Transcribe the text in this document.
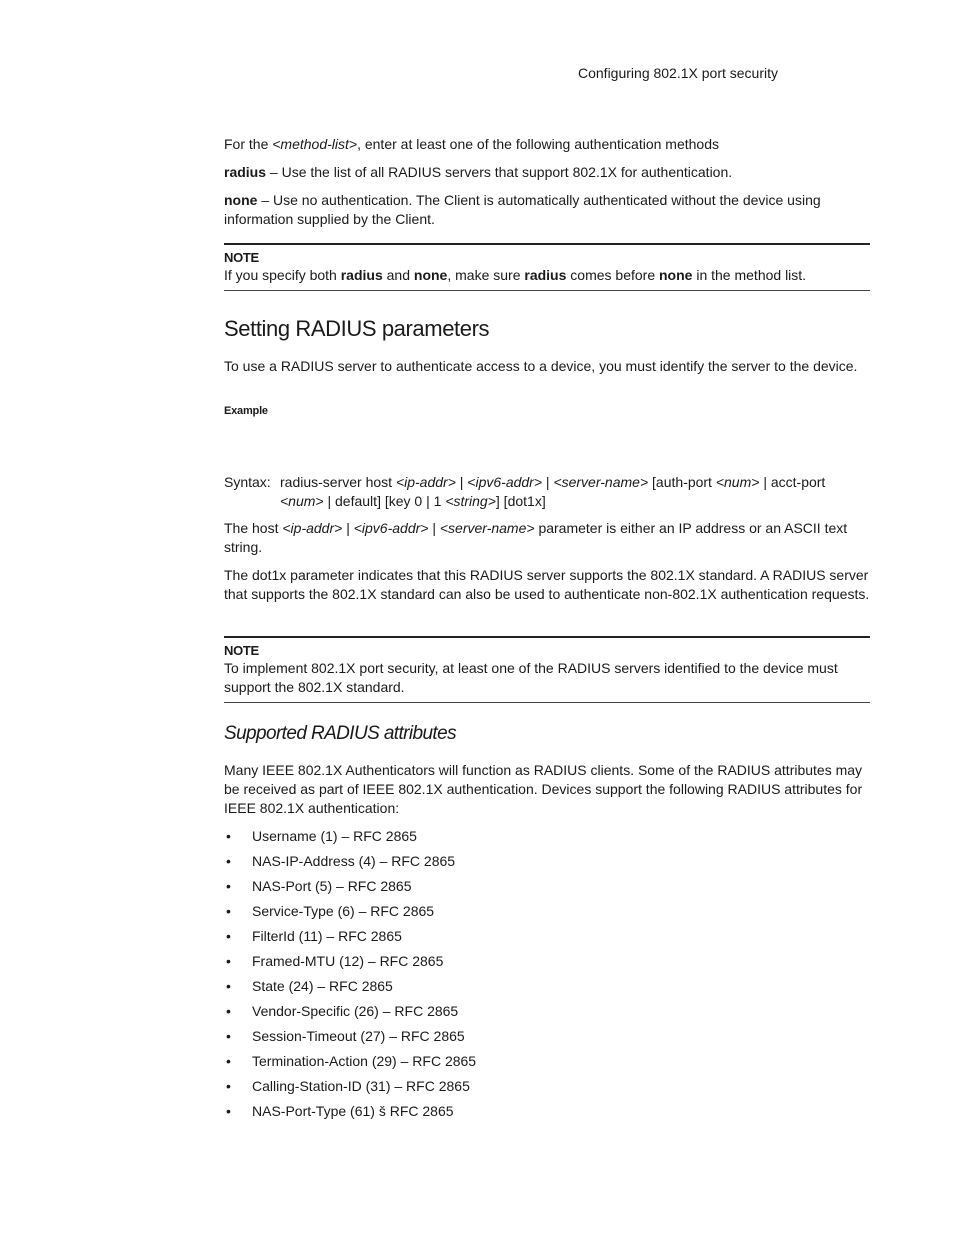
Configuring 802.1X port security

For the <method-list>, enter at least one of the following authentication methods

radius – Use the list of all RADIUS servers that support 802.1X for authentication.

none – Use no authentication. The Client is automatically authenticated without the device using information supplied by the Client.

NOTE
If you specify both radius and none, make sure radius comes before none in the method list.
Setting RADIUS parameters

To use a RADIUS server to authenticate access to a device, you must identify the server to the device.

Example
Syntax: radius-server host <ip-addr> | <ipv6-addr> | <server-name> [auth-port <num> | acct-port <num> | default] [key 0 | 1 <string>] [dot1x]

The host <ip-addr> | <ipv6-addr> | <server-name> parameter is either an IP address or an ASCII text string.

The dot1x parameter indicates that this RADIUS server supports the 802.1X standard. A RADIUS server that supports the 802.1X standard can also be used to authenticate non-802.1X authentication requests.

NOTE
To implement 802.1X port security, at least one of the RADIUS servers identified to the device must support the 802.1X standard.
Supported RADIUS attributes

Many IEEE 802.1X Authenticators will function as RADIUS clients. Some of the RADIUS attributes may be received as part of IEEE 802.1X authentication. Devices support the following RADIUS attributes for IEEE 802.1X authentication:

• Username (1) – RFC 2865
• NAS-IP-Address (4) – RFC 2865
• NAS-Port (5) – RFC 2865
• Service-Type (6) – RFC 2865
• FilterId (11) – RFC 2865
• Framed-MTU (12) – RFC 2865
• State (24) – RFC 2865
• Vendor-Specific (26) – RFC 2865
• Session-Timeout (27) – RFC 2865
• Termination-Action (29) – RFC 2865
• Calling-Station-ID (31) – RFC 2865
• NAS-Port-Type (61) š RFC 2865
